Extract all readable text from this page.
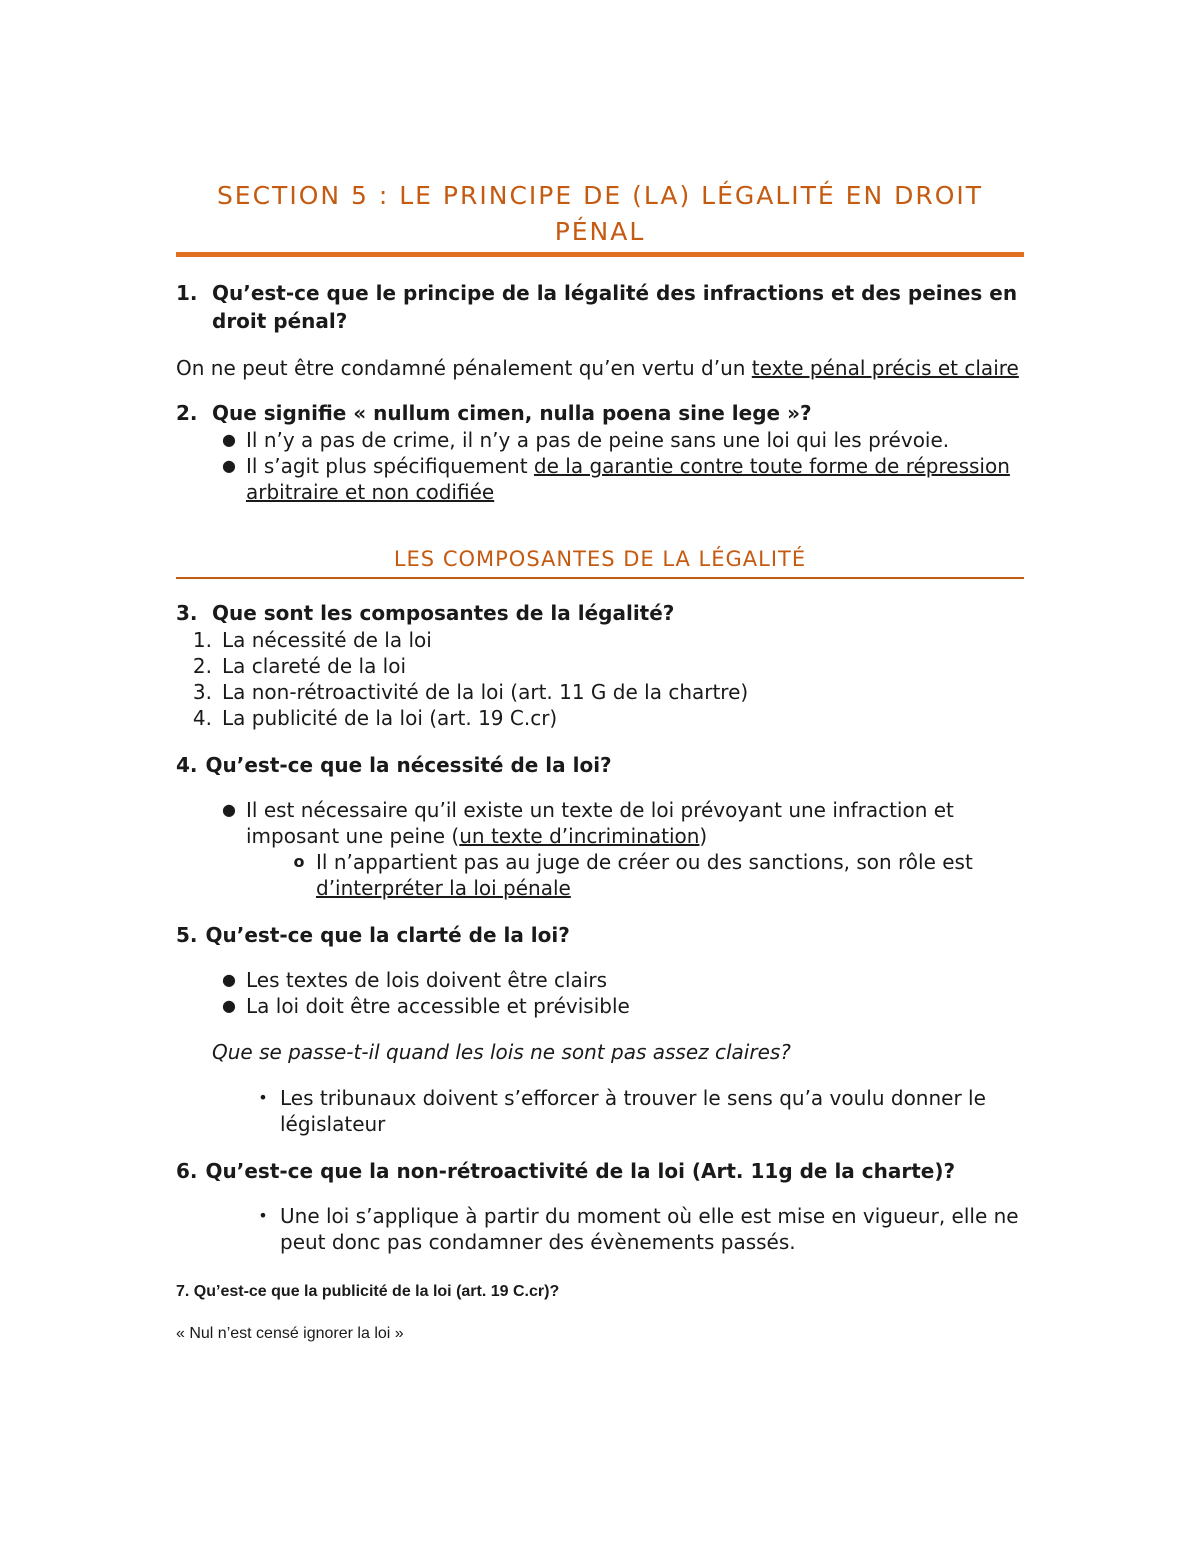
SECTION 5 : LE PRINCIPE DE (LA) LÉGALITÉ EN DROIT PÉNAL
1. Qu’est-ce que le principe de la légalité des infractions et des peines en droit pénal?

On ne peut être condamné pénalement qu’en vertu d’un texte pénal précis et claire

2. Que signifie « nullum cimen, nulla poena sine lege »?
● Il n’y a pas de crime, il n’y a pas de peine sans une loi qui les prévoie.
● Il s’agit plus spécifiquement de la garantie contre toute forme de répression arbitraire et non codifiée
LES COMPOSANTES DE LA LÉGALITÉ
3. Que sont les composantes de la légalité?
1. La nécessité de la loi
2. La clareté de la loi
3. La non-rétroactivité de la loi (art. 11 G de la chartre)
4. La publicité de la loi (art. 19 C.cr)
4. Qu’est-ce que la nécessité de la loi?
● Il est nécessaire qu’il existe un texte de loi prévoyant une infraction et imposant une peine (un texte d’incrimination)
o Il n’appartient pas au juge de créer ou des sanctions, son rôle est d’interpréter la loi pénale
5. Qu’est-ce que la clarté de la loi?
● Les textes de lois doivent être clairs
● La loi doit être accessible et prévisible

Que se passe-t-il quand les lois ne sont pas assez claires?

• Les tribunaux doivent s’efforcer à trouver le sens qu’a voulu donner le législateur
6. Qu’est-ce que la non-rétroactivité de la loi (Art. 11g de la charte)?
• Une loi s’applique à partir du moment où elle est mise en vigueur, elle ne peut donc pas condamner des évènements passés.

7. Qu’est-ce que la publicité de la loi (art. 19 C.cr)?

« Nul n’est censé ignorer la loi »
